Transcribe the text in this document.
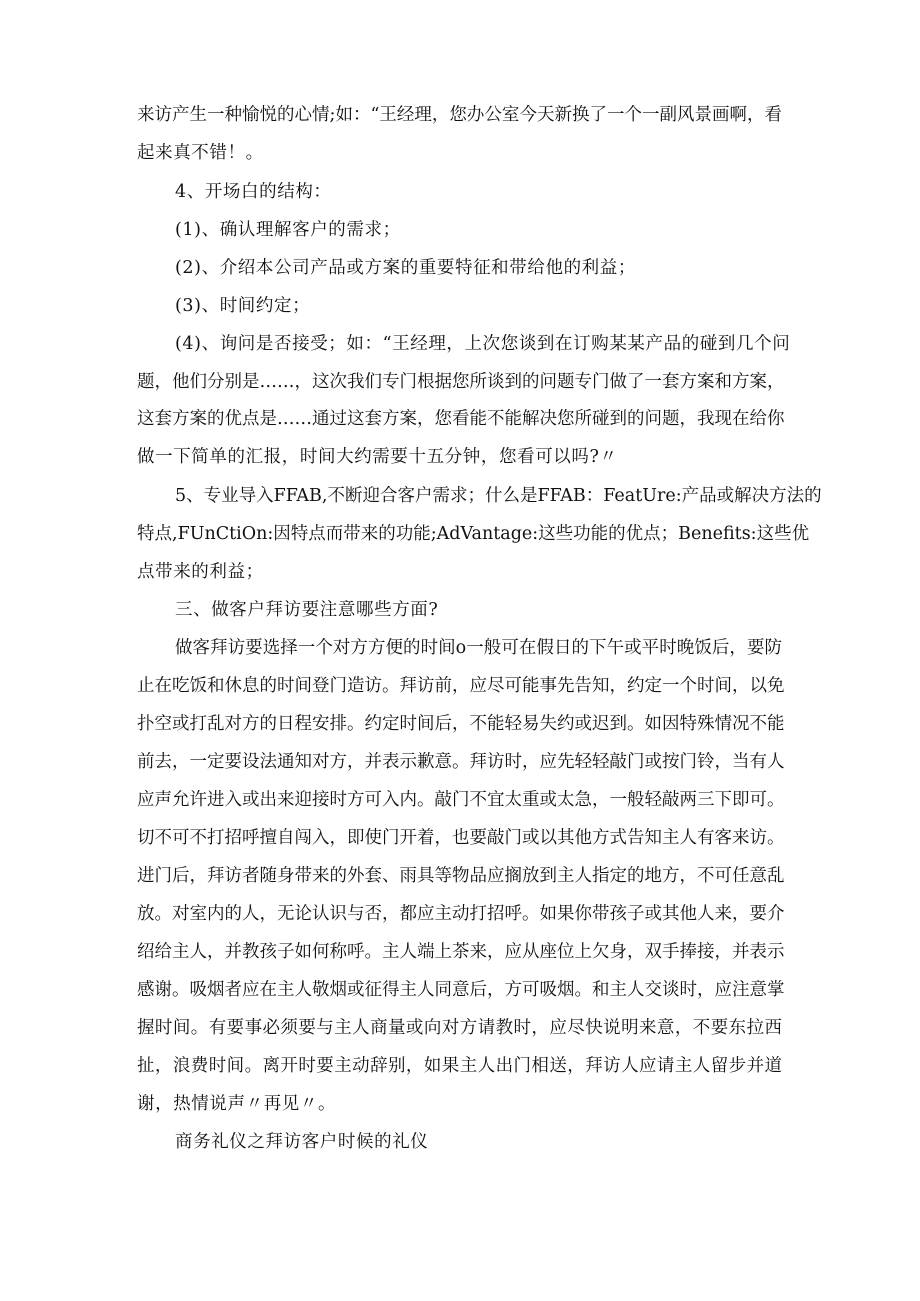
来访产生一种愉悦的心情;如：“王经理，您办公室今天新换了一个一副风景画啊，看
起来真不错！。
4、开场白的结构：
(1)、确认理解客户的需求；
(2)、介绍本公司产品或方案的重要特征和带给他的利益；
(3)、时间约定；
(4)、询问是否接受；如：“王经理，上次您谈到在订购某某产品的碰到几个问
题，他们分别是……，这次我们专门根据您所谈到的问题专门做了一套方案和方案，
这套方案的优点是……通过这套方案，您看能不能解决您所碰到的问题，我现在给你
做一下简单的汇报，时间大约需要十五分钟，您看可以吗?〃
5、专业导入FFAB,不断迎合客户需求；什么是FFAB：FeatUre:产品或解决方法的
特点,FUnCtiOn:因特点而带来的功能;AdVantage:这些功能的优点；Benefits:这些优
点带来的利益；
三、做客户拜访要注意哪些方面?
做客拜访要选择一个对方方便的时间o一般可在假日的下午或平时晚饭后，要防
止在吃饭和休息的时间登门造访。拜访前，应尽可能事先告知，约定一个时间，以免
扑空或打乱对方的日程安排。约定时间后，不能轻易失约或迟到。如因特殊情况不能
前去，一定要设法通知对方，并表示歉意。拜访时，应先轻轻敲门或按门铃，当有人
应声允许进入或出来迎接时方可入内。敲门不宜太重或太急，一般轻敲两三下即可。
切不可不打招呼擅自闯入，即使门开着，也要敲门或以其他方式告知主人有客来访。
进门后，拜访者随身带来的外套、雨具等物品应搁放到主人指定的地方，不可任意乱
放。对室内的人，无论认识与否，都应主动打招呼。如果你带孩子或其他人来，要介
绍给主人，并教孩子如何称呼。主人端上茶来，应从座位上欠身，双手捧接，并表示
感谢。吸烟者应在主人敬烟或征得主人同意后，方可吸烟。和主人交谈时，应注意掌
握时间。有要事必须要与主人商量或向对方请教时，应尽快说明来意，不要东拉西
扯，浪费时间。离开时要主动辞别，如果主人出门相送，拜访人应请主人留步并道
谢，热情说声〃再见〃。
商务礼仪之拜访客户时候的礼仪
